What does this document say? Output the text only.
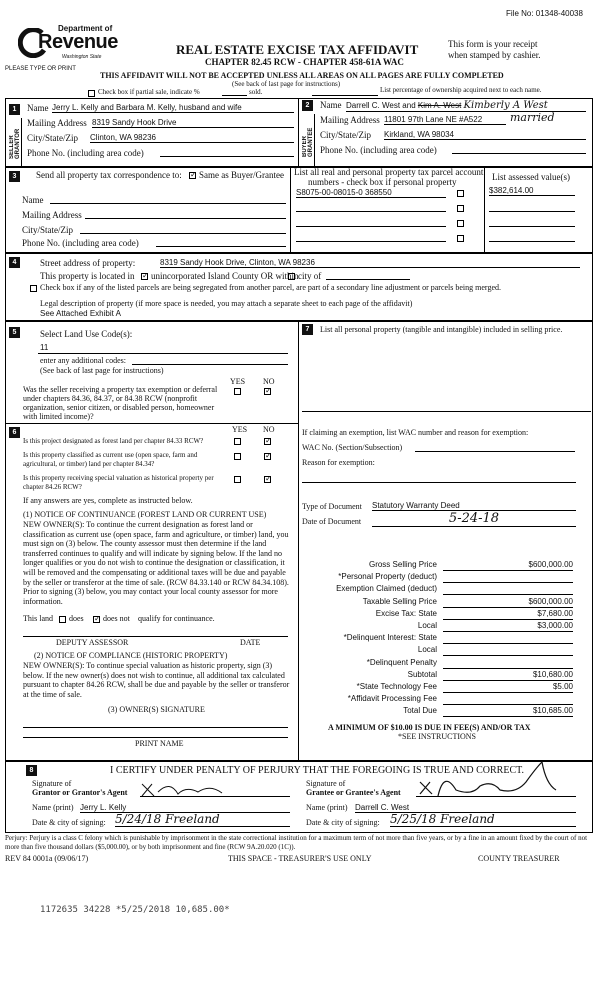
File No: 01348-40038
Department of
Revenue
Washington State
PLEASE TYPE OR PRINT
REAL ESTATE EXCISE TAX AFFIDAVIT
CHAPTER 82.45 RCW - CHAPTER 458-61A WAC
This form is your receipt
when stamped by cashier.
THIS AFFIDAVIT WILL NOT BE ACCEPTED UNLESS ALL AREAS ON ALL PAGES ARE FULLY COMPLETED
(See back of last page for instructions)
Check box if partial sale, indicate %	sold.	List percentage of ownership acquired next to each name.
1
SELLER GRANTOR
Name Jerry L. Kelly and Barbara M. Kelly, husband and wife
Mailing Address 8319 Sandy Hook Drive
City/State/Zip Clinton, WA 98236
Phone No. (including area code)
2
BUYER GRANTEE
Name Darrell C. West and Kim A. West Kimberly A West
Mailing Address 11801 97th Lane NE #A522	married
City/State/Zip Kirkland, WA 98034
Phone No. (including area code)
3	Send all property tax correspondence to: ✓ Same as Buyer/Grantee
Name
Mailing Address
City/State/Zip
Phone No. (including area code)
List all real and personal property tax parcel account
numbers - check box if personal property	List assessed value(s)
S8075-00-08015-0 368550	$382,614.00
4	Street address of property:	8319 Sandy Hook Drive, Clinton, WA 98236
This property is located in ✓ unincorporated Island County OR within city of
Check box if any of the listed parcels are being segregated from another parcel, are part of a secondary line adjustment or parcels being merged.
Legal description of property (if more space is needed, you may attach a separate sheet to each page of the affidavit)
See Attached Exhibit A
5	Select Land Use Code(s):
11
enter any additional codes:
(See back of last page for instructions)
YES NO
Was the seller receiving a property tax exemption or deferral under chapters 84.36, 84.37, or 84.38 RCW (nonprofit organization, senior citizen, or disabled person, homeowner with limited income)?
✓
6	YES NO
Is this project designated as forest land per chapter 84.33 RCW?
✓
Is this property classified as current use (open space, farm and agricultural, or timber) land per chapter 84.34?
✓
Is this property receiving special valuation as historical property per chapter 84.26 RCW?
✓
If any answers are yes, complete as instructed below.
(1) NOTICE OF CONTINUANCE (FOREST LAND OR CURRENT USE)
NEW OWNER(S): To continue the current designation as forest land or classification as current use (open space, farm and agriculture, or timber) land, you must sign on (3) below. The county assessor must then determine if the land transferred continues to qualify and will indicate by signing below. If the land no longer qualifies or you do not wish to continue the designation or classification, it will be removed and the compensating or additional taxes will be due and payable by the seller or transferor at the time of sale. (RCW 84.33.140 or RCW 84.34.108). Prior to signing (3) below, you may contact your local county assessor for more information.
This land does ✓ does not qualify for continuance.
DEPUTY ASSESSOR	DATE
(2) NOTICE OF COMPLIANCE (HISTORIC PROPERTY)
NEW OWNER(S): To continue special valuation as historic property, sign (3) below. If the new owner(s) does not wish to continue, all additional tax calculated pursuant to chapter 84.26 RCW, shall be due and payable by the seller or transferor at the time of sale.
(3) OWNER(S) SIGNATURE
PRINT NAME
7	List all personal property (tangible and intangible) included in selling price.
If claiming an exemption, list WAC number and reason for exemption:
WAC No. (Section/Subsection)
Reason for exemption:
Type of Document Statutory Warranty Deed
Date of Document	5-24-18
Gross Selling Price	$600,000.00
*Personal Property (deduct)
Exemption Claimed (deduct)
Taxable Selling Price	$600,000.00
Excise Tax: State	$7,680.00
Local	$3,000.00
*Delinquent Interest: State
Local
*Delinquent Penalty
Subtotal	$10,680.00
*State Technology Fee	$5.00
*Affidavit Processing Fee
Total Due	$10,685.00
A MINIMUM OF $10.00 IS DUE IN FEE(S) AND/OR TAX
*SEE INSTRUCTIONS
8	I CERTIFY UNDER PENALTY OF PERJURY THAT THE FOREGOING IS TRUE AND CORRECT.
Signature of
Grantor or Grantor's Agent
Name (print) Jerry L. Kelly
Date & city of signing: 5/24/18 Freeland
Signature of
Grantee or Grantee's Agent
Name (print) Darrell C. West
Date & city of signing: 5/25/18 Freeland
Perjury: Perjury is a class C felony which is punishable by imprisonment in the state correctional institution for a maximum term of not more than five years, or by a fine in an amount fixed by the court of not more than five thousand dollars ($5,000.00), or by both imprisonment and fine (RCW 9A.20.020 (1C)).
REV 84 0001a (09/06/17)	THIS SPACE - TREASURER'S USE ONLY	COUNTY TREASURER
1172635 34228 *5/25/2018 10,685.00*
